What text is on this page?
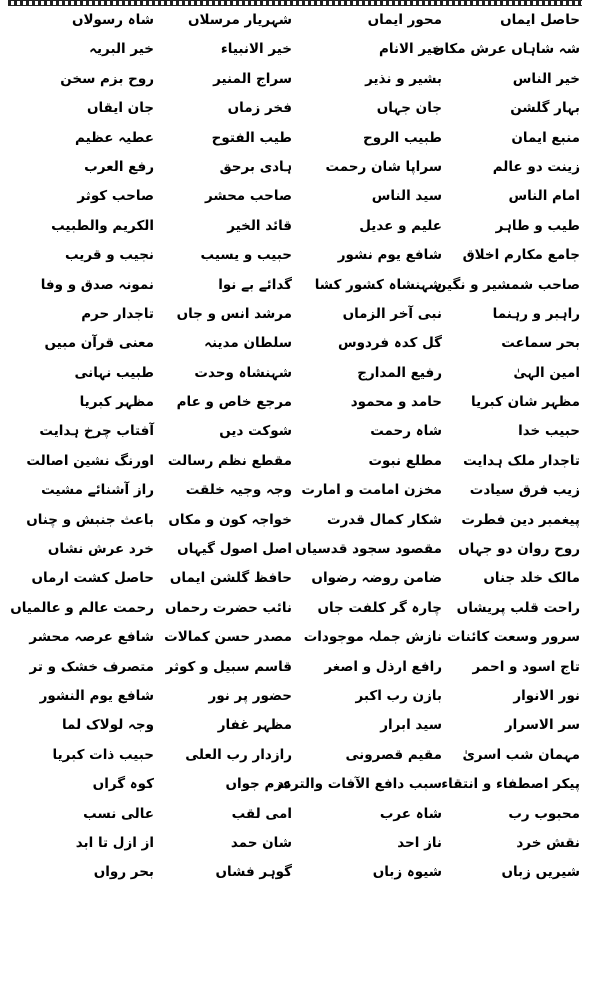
حاصل ایماں
محور ایماں
شہریار مرسلاں
شاہ رسولاں
شہ شاہاں عرش مکاں
خیر الانام
خیر الانبیاء
خیر البریہ
خیر الناس
بشیر و نذیر
سراج المنیر
روح بزم سخن
بہار گلشن
جان جہاں
فخر زماں
جان ایقاں
منبع ایمان
طبیب الروح
طیب الفتوح
عطیہ عظیم
زینت دو عالم
سراپا شان رحمت
ہادی برحق
رفع العرب
امام الناس
سید الناس
صاحب محشر
صاحب کوثر
طیب و طاہر
علیم و عدیل
قائد الخیر
الکریم والطبیب
جامع مکارم اخلاق
شافع یوم نشور
حبیب و یسیب
نجیب و قریب
صاحب شمشیر و نگیں
شہنشاہ کشور کشا
گدائے بے نوا
نمونہ صدق و وفا
راہبر و رہنما
نبی آخر الزماں
مرشد انس و جاں
تاجدار حرم
بحر سماعت
گل کدہ فردوس
سلطان مدینہ
معنی قرآن مبیں
امین الہیٰ
رفیع المدارج
شہنشاہ وحدت
طبیب نہانی
مظہر شان کبریا
حامد و محمود
مرجع خاص و عام
مظہر کبریا
حبیب خدا
شاہ رحمت
شوکت دیں
آفتاب چرخ ہدایت
تاجدار ملک ہدایت
مطلع نبوت
مقطع نظم رسالت
اورنگ نشین اصالت
زیب فرق سیادت
مخزن امامت و امارت
وجہ وجیہ خلقت
راز آشنائے مشیت
پیغمبر دین فطرت
شکار کمال قدرت
خواجہ کون و مکاں
باعث جنبش و چناں
روح روان دو جہاں
مقصود سجود قدسیاں
اصل اصول گیہاں
خرد عرش نشاں
مالک خلد جناں
ضامن روضہ رضواں
حافظ گلشن ایماں
حاصل کشت ارماں
راحت قلب پریشاں
چارہ گر کلفت جاں
نائب حضرت رحماں
رحمت عالم و عالمیاں
سرور وسعت کائنات
نازش جملہ موجودات
مصدر حسن کمالات
شافع عرصہ محشر
تاج اسود و احمر
رافع ارذل و اصغر
قاسم سبیل و کوثر
متصرف خشک و تر
نور الانوار
بازن رب اکبر
حضور پر نور
شافع یوم النشور
سر الاسرار
سید ابرار
مظہر غفار
وجہ لولاک لما
مہمان شب اسریٰ
مقیم قصرونی
رازدار رب العلی
حبیب ذات کبریا
پیکر اصطفاء و انتقاء
سبب دافع الآفات والتردد
عزم جواں
کوہ گراں
محبوب رب
شاہ عرب
امی لقب
عالی نسب
نقش خرد
ناز احد
شان حمد
از ازل تا ابد
شیریں زباں
شیوہ زباں
گوہر فشاں
بحر رواں
